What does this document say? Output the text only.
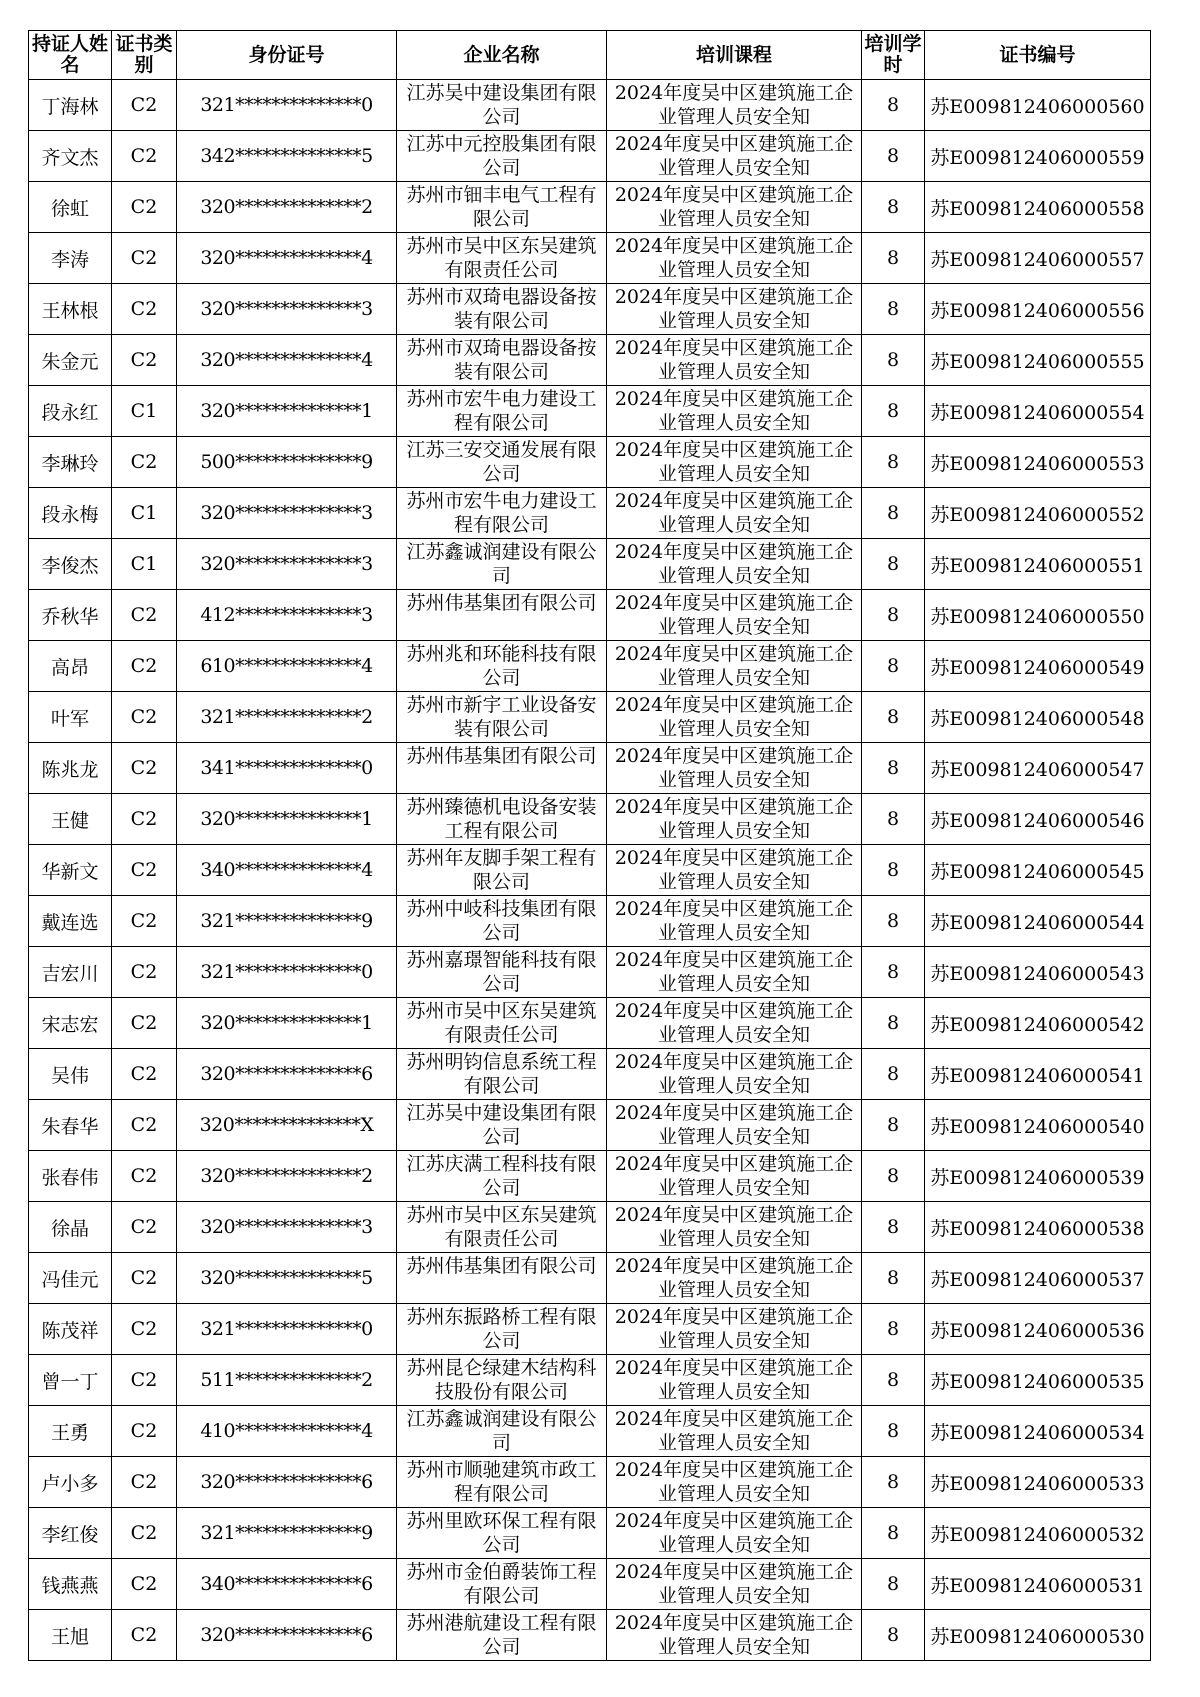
持证人姓名	证书类别	身份证号	企业名称	培训课程	培训学时	证书编号
丁海林	C2	321**************0	江苏吴中建设集团有限公司	2024年度吴中区建筑施工企业管理人员安全知	8	苏E009812406000560
齐文杰	C2	342**************5	江苏中元控股集团有限公司	2024年度吴中区建筑施工企业管理人员安全知	8	苏E009812406000559
徐虹	C2	320**************2	苏州市钿丰电气工程有限公司	2024年度吴中区建筑施工企业管理人员安全知	8	苏E009812406000558
李涛	C2	320**************4	苏州市吴中区东吴建筑有限责任公司	2024年度吴中区建筑施工企业管理人员安全知	8	苏E009812406000557
王林根	C2	320**************3	苏州市双琦电器设备按装有限公司	2024年度吴中区建筑施工企业管理人员安全知	8	苏E009812406000556
朱金元	C2	320**************4	苏州市双琦电器设备按装有限公司	2024年度吴中区建筑施工企业管理人员安全知	8	苏E009812406000555
段永红	C1	320**************1	苏州市宏牛电力建设工程有限公司	2024年度吴中区建筑施工企业管理人员安全知	8	苏E009812406000554
李琳玲	C2	500**************9	江苏三安交通发展有限公司	2024年度吴中区建筑施工企业管理人员安全知	8	苏E009812406000553
段永梅	C1	320**************3	苏州市宏牛电力建设工程有限公司	2024年度吴中区建筑施工企业管理人员安全知	8	苏E009812406000552
李俊杰	C1	320**************3	江苏鑫诚润建设有限公司	2024年度吴中区建筑施工企业管理人员安全知	8	苏E009812406000551
乔秋华	C2	412**************3	苏州伟基集团有限公司	2024年度吴中区建筑施工企业管理人员安全知	8	苏E009812406000550
高昂	C2	610**************4	苏州兆和环能科技有限公司	2024年度吴中区建筑施工企业管理人员安全知	8	苏E009812406000549
叶军	C2	321**************2	苏州市新宇工业设备安装有限公司	2024年度吴中区建筑施工企业管理人员安全知	8	苏E009812406000548
陈兆龙	C2	341**************0	苏州伟基集团有限公司	2024年度吴中区建筑施工企业管理人员安全知	8	苏E009812406000547
王健	C2	320**************1	苏州臻德机电设备安装工程有限公司	2024年度吴中区建筑施工企业管理人员安全知	8	苏E009812406000546
华新文	C2	340**************4	苏州年友脚手架工程有限公司	2024年度吴中区建筑施工企业管理人员安全知	8	苏E009812406000545
戴连选	C2	321**************9	苏州中岐科技集团有限公司	2024年度吴中区建筑施工企业管理人员安全知	8	苏E009812406000544
吉宏川	C2	321**************0	苏州嘉璟智能科技有限公司	2024年度吴中区建筑施工企业管理人员安全知	8	苏E009812406000543
宋志宏	C2	320**************1	苏州市吴中区东吴建筑有限责任公司	2024年度吴中区建筑施工企业管理人员安全知	8	苏E009812406000542
吴伟	C2	320**************6	苏州明钧信息系统工程有限公司	2024年度吴中区建筑施工企业管理人员安全知	8	苏E009812406000541
朱春华	C2	320**************X	江苏吴中建设集团有限公司	2024年度吴中区建筑施工企业管理人员安全知	8	苏E009812406000540
张春伟	C2	320**************2	江苏庆满工程科技有限公司	2024年度吴中区建筑施工企业管理人员安全知	8	苏E009812406000539
徐晶	C2	320**************3	苏州市吴中区东吴建筑有限责任公司	2024年度吴中区建筑施工企业管理人员安全知	8	苏E009812406000538
冯佳元	C2	320**************5	苏州伟基集团有限公司	2024年度吴中区建筑施工企业管理人员安全知	8	苏E009812406000537
陈茂祥	C2	321**************0	苏州东振路桥工程有限公司	2024年度吴中区建筑施工企业管理人员安全知	8	苏E009812406000536
曾一丁	C2	511**************2	苏州昆仑绿建木结构科技股份有限公司	2024年度吴中区建筑施工企业管理人员安全知	8	苏E009812406000535
王勇	C2	410**************4	江苏鑫诚润建设有限公司	2024年度吴中区建筑施工企业管理人员安全知	8	苏E009812406000534
卢小多	C2	320**************6	苏州市顺驰建筑市政工程有限公司	2024年度吴中区建筑施工企业管理人员安全知	8	苏E009812406000533
李红俊	C2	321**************9	苏州里欧环保工程有限公司	2024年度吴中区建筑施工企业管理人员安全知	8	苏E009812406000532
钱燕燕	C2	340**************6	苏州市金伯爵装饰工程有限公司	2024年度吴中区建筑施工企业管理人员安全知	8	苏E009812406000531
王旭	C2	320**************6	苏州港航建设工程有限公司	2024年度吴中区建筑施工企业管理人员安全知	8	苏E009812406000530
